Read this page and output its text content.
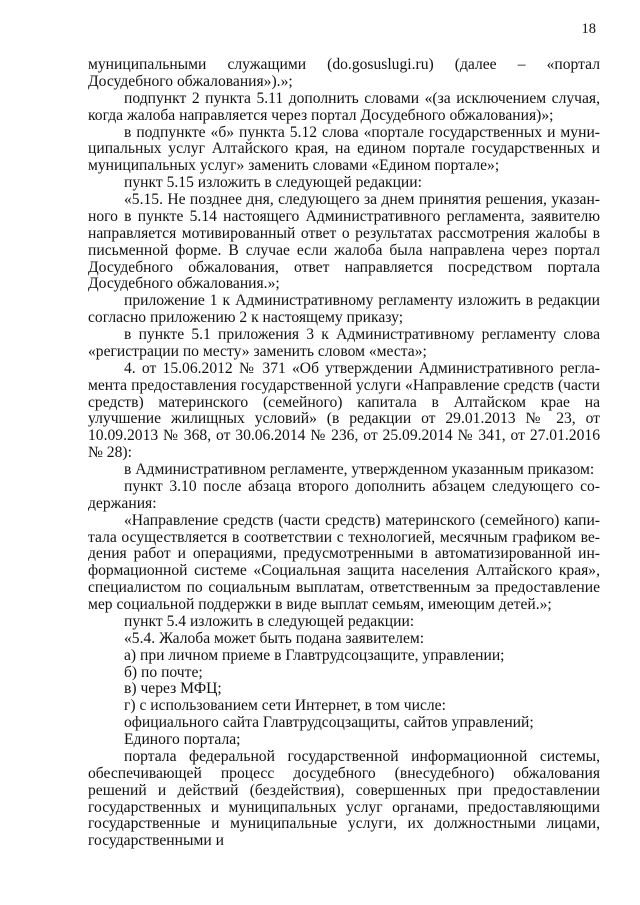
18

муниципальными служащими (do.gosuslugi.ru) (далее – «портал Досудебного обжалования»).»;

подпункт 2 пункта 5.11 дополнить словами «(за исключением случая, когда жалоба направляется через портал Досудебного обжалования)»;

в подпункте «б» пункта 5.12 слова «портале государственных и муниципальных услуг Алтайского края, на едином портале государственных и муниципальных услуг» заменить словами «Едином портале»;

пункт 5.15 изложить в следующей редакции:

«5.15. Не позднее дня, следующего за днем принятия решения, указанного в пункте 5.14 настоящего Административного регламента, заявителю направляется мотивированный ответ о результатах рассмотрения жалобы в письменной форме. В случае если жалоба была направлена через портал Досудебного обжалования, ответ направляется посредством портала Досудебного обжалования.»;

приложение 1 к Административному регламенту изложить в редакции согласно приложению 2 к настоящему приказу;

в пункте 5.1 приложения 3 к Административному регламенту слова «регистрации по месту» заменить словом «места»;

4. от 15.06.2012 № 371 «Об утверждении Административного регламента предоставления государственной услуги «Направление средств (части средств) материнского (семейного) капитала в Алтайском крае на улучшение жилищных условий» (в редакции от 29.01.2013 № 23, от 10.09.2013 № 368, от 30.06.2014 № 236, от 25.09.2014 № 341, от 27.01.2016 № 28):

в Административном регламенте, утвержденном указанным приказом:

пункт 3.10 после абзаца второго дополнить абзацем следующего содержания:

«Направление средств (части средств) материнского (семейного) капитала осуществляется в соответствии с технологией, месячным графиком ведения работ и операциями, предусмотренными в автоматизированной информационной системе «Социальная защита населения Алтайского края», специалистом по социальным выплатам, ответственным за предоставление мер социальной поддержки в виде выплат семьям, имеющим детей.»;

пункт 5.4 изложить в следующей редакции:

«5.4. Жалоба может быть подана заявителем:

а) при личном приеме в Главтрудсоцзащите, управлении;

б) по почте;

в) через МФЦ;

г) с использованием сети Интернет, в том числе:

официального сайта Главтрудсоцзащиты, сайтов управлений;

Единого портала;

портала федеральной государственной информационной системы, обеспечивающей процесс досудебного (внесудебного) обжалования решений и действий (бездействия), совершенных при предоставлении государственных и муниципальных услуг органами, предоставляющими государственные и муниципальные услуги, их должностными лицами, государственными и
